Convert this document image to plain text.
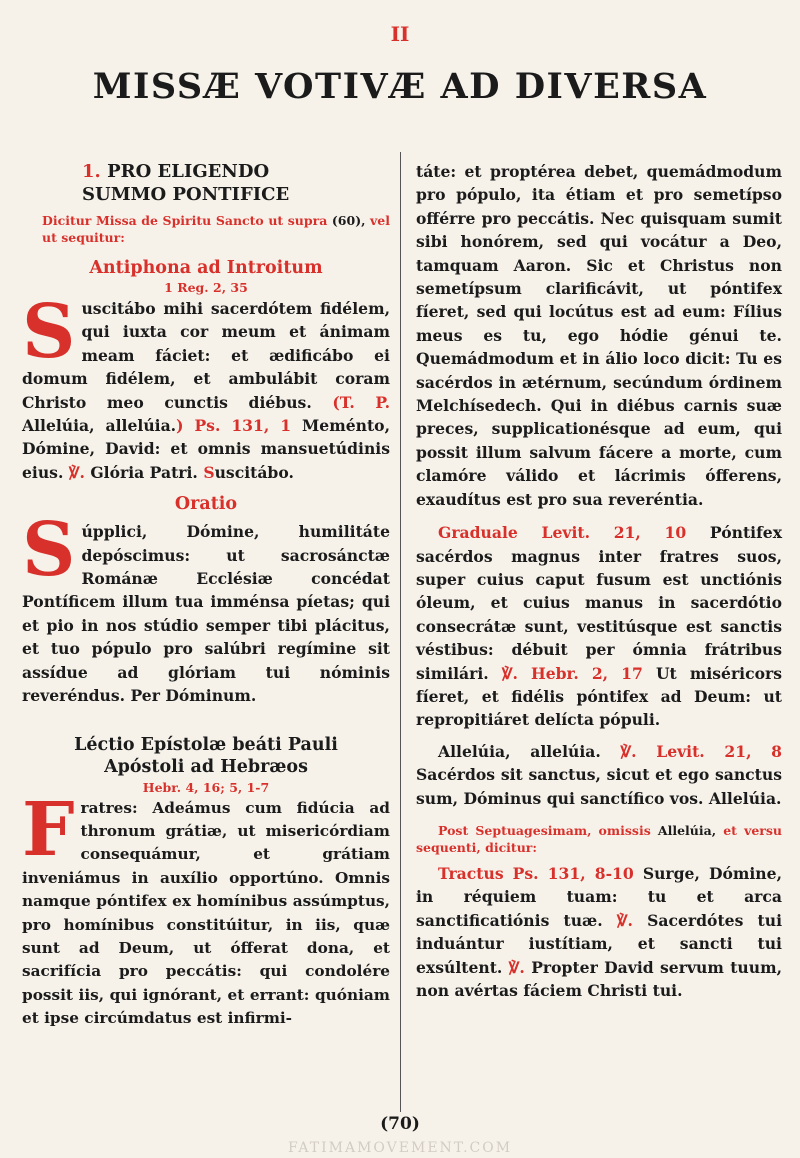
II
MISSÆ VOTIVÆ AD DIVERSA

1. PRO ELIGENDO

SUMMO PONTIFICE

Dicitur Missa de Spiritu Sancto ut supra (60), vel ut sequitur:

Antiphona ad Introitum

1 Reg. 2, 35

Suscitábo mihi sacerdótem fidélem, qui iuxta cor meum et ánimam meam fáciet: et ædificábo ei domum fidélem, et ambulábit coram Christo meo cunctis diébus. (T. P. Allelúia, allelúia.) Ps. 131, 1 Meménto, Dómine, David: et omnis mansuetúdinis eius. ℣. Glória Patri. Suscitábo.

Oratio

Súpplici, Dómine, humilitáte depóscimus: ut sacrosánctæ Románæ Ecclésiæ concédat Pontíficem illum tua imménsa píetas; qui et pio in nos stúdio semper tibi plácitus, et tuo pópulo pro salúbri regímine sit assídue ad glóriam tui nóminis reveréndus. Per Dóminum.

Léctio Epístolæ beáti Pauli

Apóstoli ad Hebræos

Hebr. 4, 16; 5, 1-7

Fratres: Adeámus cum fidúcia ad thronum grátiæ, ut misericórdiam consequámur, et grátiam inveniámus in auxílio opportúno. Omnis namque póntifex ex homínibus assúmptus, pro homínibus constitúitur, in iis, quæ sunt ad Deum, ut ófferat dona, et sacrifícia pro peccátis: qui condolére possit iis, qui ignórant, et errant: quóniam et ipse circúmdatus est infirmi-

táte: et proptérea debet, quemádmodum pro pópulo, ita étiam et pro semetípso offérre pro peccátis. Nec quisquam sumit sibi honórem, sed qui vocátur a Deo, tamquam Aaron. Sic et Christus non semetípsum clarificávit, ut póntifex fíeret, sed qui locútus est ad eum: Fílius meus es tu, ego hódie génui te. Quemádmodum et in álio loco dicit: Tu es sacérdos in ætérnum, secúndum órdinem Melchísedech. Qui in diébus carnis suæ preces, supplicationésque ad eum, qui possit illum salvum fácere a morte, cum clamóre válido et lácrimis ófferens, exaudítus est pro sua reveréntia.

Graduale Levit. 21, 10 Póntifex sacérdos magnus inter fratres suos, super cuius caput fusum est unctiónis óleum, et cuius manus in sacerdótio consecrátæ sunt, vestitúsque est sanctis véstibus: débuit per ómnia frátribus similári. ℣. Hebr. 2, 17 Ut miséricors fíeret, et fidélis póntifex ad Deum: ut repropitiáret delícta pópuli.

Allelúia, allelúia. ℣. Levit. 21, 8 Sacérdos sit sanctus, sicut et ego sanctus sum, Dóminus qui sanctífico vos. Allelúia.

Post Septuagesimam, omissis Allelúia, et versu sequenti, dicitur:

Tractus Ps. 131, 8-10 Surge, Dómine, in réquiem tuam: tu et arca sanctificatiónis tuæ. ℣. Sacerdótes tui induántur iustítiam, et sancti tui exsúltent. ℣. Propter David servum tuum, non avértas fáciem Christi tui.

(70)
FATIMAMOVEMENT.COM
